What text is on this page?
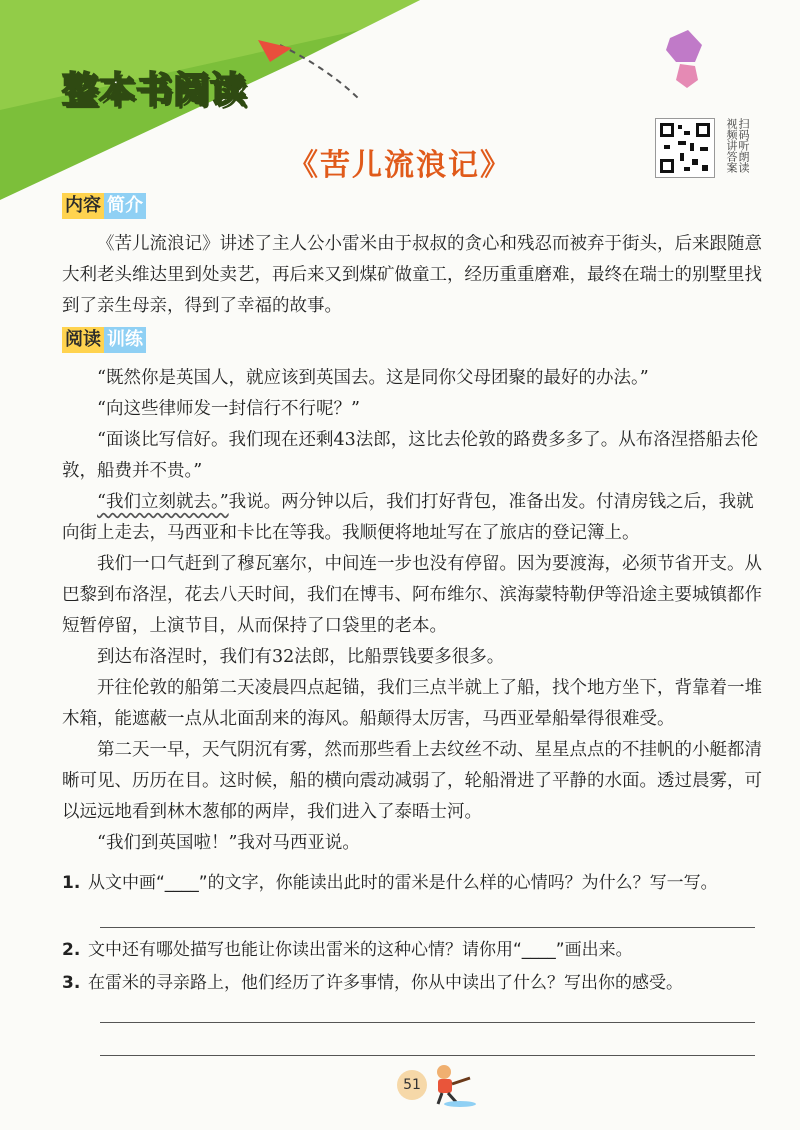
整本书阅读
《苦儿流浪记》	扫码听朗读视频讲答案
内容 简介

《苦儿流浪记》讲述了主人公小雷米由于叔叔的贪心和残忍而被弃于街头，后来跟随意大利老头维达里到处卖艺，再后来又到煤矿做童工，经历重重磨难，最终在瑞士的别墅里找到了亲生母亲，得到了幸福的故事。

阅读 训练

“既然你是英国人，就应该到英国去。这是同你父母团聚的最好的办法。”

“向这些律师发一封信行不行呢？”

“面谈比写信好。我们现在还剩43法郎，这比去伦敦的路费多多了。从布洛涅搭船去伦敦，船费并不贵。”

“我们立刻就去。”我说。两分钟以后，我们打好背包，准备出发。付清房钱之后，我就向街上走去，马西亚和卡比在等我。我顺便将地址写在了旅店的登记簿上。

我们一口气赶到了穆瓦塞尔，中间连一步也没有停留。因为要渡海，必须节省开支。从巴黎到布洛涅，花去八天时间，我们在博韦、阿布维尔、滨海蒙特勒伊等沿途主要城镇都作短暂停留，上演节目，从而保持了口袋里的老本。

到达布洛涅时，我们有32法郎，比船票钱要多很多。

开往伦敦的船第二天凌晨四点起锚，我们三点半就上了船，找个地方坐下，背靠着一堆木箱，能遮蔽一点从北面刮来的海风。船颠得太厉害，马西亚晕船晕得很难受。

第二天一早，天气阴沉有雾，然而那些看上去纹丝不动、星星点点的不挂帆的小艇都清晰可见、历历在目。这时候，船的横向震动减弱了，轮船滑进了平静的水面。透过晨雾，可以远远地看到林木葱郁的两岸，我们进入了泰晤士河。

“我们到英国啦！”我对马西亚说。

1. 从文中画“____”的文字，你能读出此时的雷米是什么样的心情吗？为什么？写一写。
2. 文中还有哪处描写也能让你读出雷米的这种心情？请你用“____”画出来。
3. 在雷米的寻亲路上，他们经历了许多事情，你从中读出了什么？写出你的感受。
51
